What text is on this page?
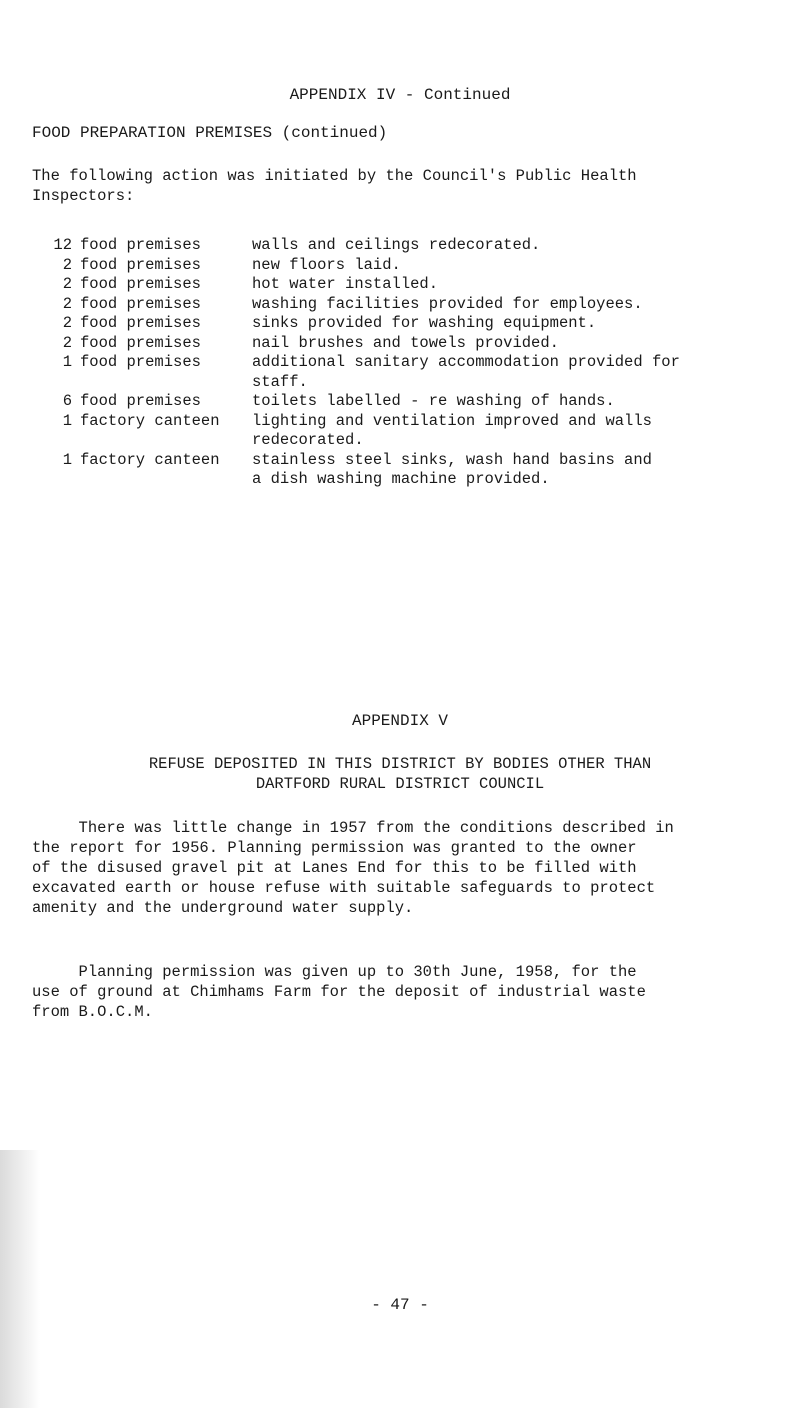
APPENDIX IV - Continued
FOOD PREPARATION PREMISES (continued)
The following action was initiated by the Council's Public Health
Inspectors:
12 food premises	walls and ceilings redecorated.
2 food premises	new floors laid.
2 food premises	hot water installed.
2 food premises	washing facilities provided for employees.
2 food premises	sinks provided for washing equipment.
2 food premises	nail brushes and towels provided.
1 food premises	additional sanitary accommodation provided for
staff.
6 food premises	toilets labelled - re washing of hands.
1 factory canteen	lighting and ventilation improved and walls
redecorated.
1 factory canteen	stainless steel sinks, wash hand basins and
a dish washing machine provided.
APPENDIX V
REFUSE DEPOSITED IN THIS DISTRICT BY BODIES OTHER THAN
DARTFORD RURAL DISTRICT COUNCIL
There was little change in 1957 from the conditions described in
the report for 1956. Planning permission was granted to the owner
of the disused gravel pit at Lanes End for this to be filled with
excavated earth or house refuse with suitable safeguards to protect
amenity and the underground water supply.
Planning permission was given up to 30th June, 1958, for the
use of ground at Chimhams Farm for the deposit of industrial waste
from B.O.C.M.
- 47 -
